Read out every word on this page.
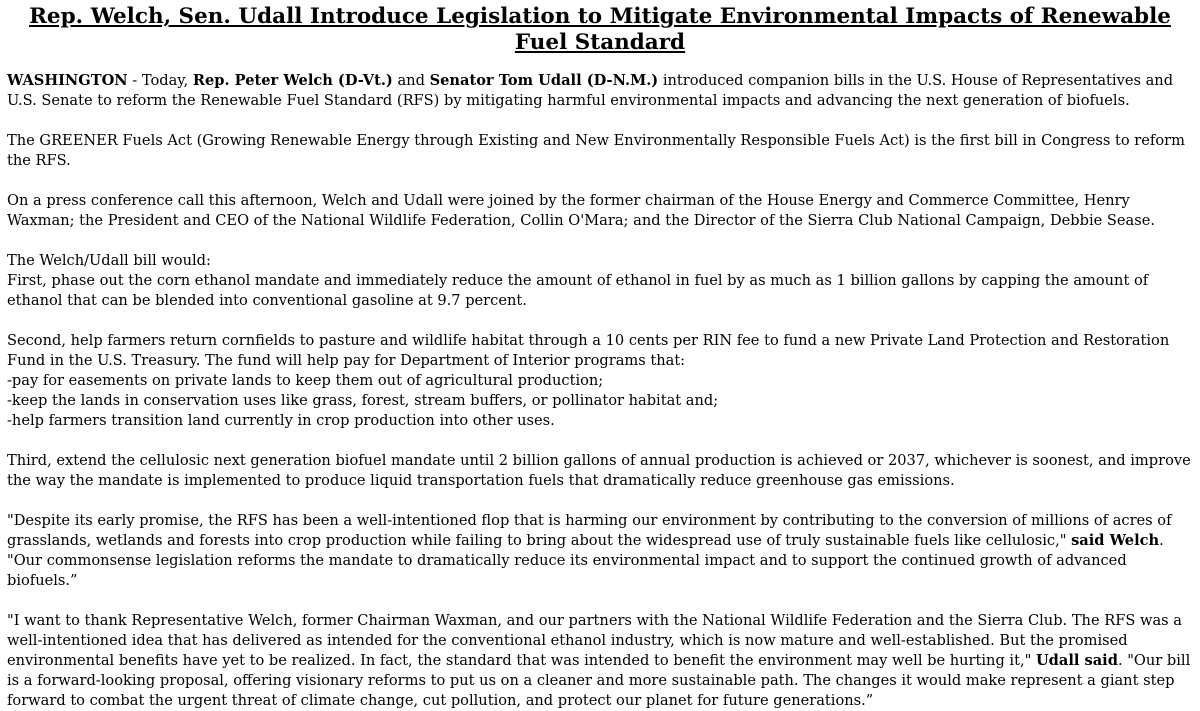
Rep. Welch, Sen. Udall Introduce Legislation to Mitigate Environmental Impacts of Renewable Fuel Standard

WASHINGTON - Today, Rep. Peter Welch (D-Vt.) and Senator Tom Udall (D-N.M.) introduced companion bills in the U.S. House of Representatives and U.S. Senate to reform the Renewable Fuel Standard (RFS) by mitigating harmful environmental impacts and advancing the next generation of biofuels.

The GREENER Fuels Act (Growing Renewable Energy through Existing and New Environmentally Responsible Fuels Act) is the first bill in Congress to reform the RFS.

On a press conference call this afternoon, Welch and Udall were joined by the former chairman of the House Energy and Commerce Committee, Henry Waxman; the President and CEO of the National Wildlife Federation, Collin O'Mara; and the Director of the Sierra Club National Campaign, Debbie Sease.

The Welch/Udall bill would:
First, phase out the corn ethanol mandate and immediately reduce the amount of ethanol in fuel by as much as 1 billion gallons by capping the amount of ethanol that can be blended into conventional gasoline at 9.7 percent.

Second, help farmers return cornfields to pasture and wildlife habitat through a 10 cents per RIN fee to fund a new Private Land Protection and Restoration Fund in the U.S. Treasury. The fund will help pay for Department of Interior programs that:
-pay for easements on private lands to keep them out of agricultural production;
-keep the lands in conservation uses like grass, forest, stream buffers, or pollinator habitat and;
-help farmers transition land currently in crop production into other uses.

Third, extend the cellulosic next generation biofuel mandate until 2 billion gallons of annual production is achieved or 2037, whichever is soonest, and improve the way the mandate is implemented to produce liquid transportation fuels that dramatically reduce greenhouse gas emissions.

"Despite its early promise, the RFS has been a well-intentioned flop that is harming our environment by contributing to the conversion of millions of acres of grasslands, wetlands and forests into crop production while failing to bring about the widespread use of truly sustainable fuels like cellulosic," said Welch. "Our commonsense legislation reforms the mandate to dramatically reduce its environmental impact and to support the continued growth of advanced biofuels.”

"I want to thank Representative Welch, former Chairman Waxman, and our partners with the National Wildlife Federation and the Sierra Club. The RFS was a well-intentioned idea that has delivered as intended for the conventional ethanol industry, which is now mature and well-established. But the promised environmental benefits have yet to be realized. In fact, the standard that was intended to benefit the environment may well be hurting it," Udall said. "Our bill is a forward-looking proposal, offering visionary reforms to put us on a cleaner and more sustainable path. The changes it would make represent a giant step forward to combat the urgent threat of climate change, cut pollution, and protect our planet for future generations.”
